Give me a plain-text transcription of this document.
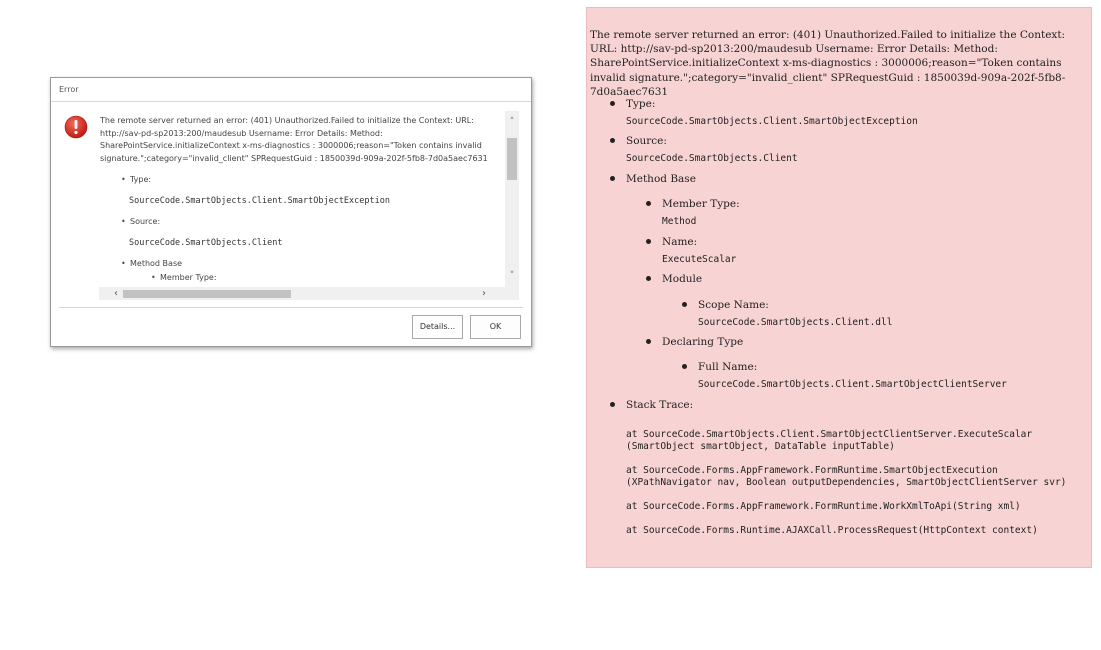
Error
The remote server returned an error: (401) Unauthorized.Failed to initialize the Context: URL: http://sav-pd-sp2013:200/maudesub Username: Error Details: Method: SharePointService.initializeContext x-ms-diagnostics : 3000006;reason="Token contains invalid signature.";category="invalid_client" SPRequestGuid : 1850039d-909a-202f-5fb8-7d0a5aec7631
• Type:
SourceCode.SmartObjects.Client.SmartObjectException
• Source:
SourceCode.SmartObjects.Client
• Method Base
• Member Type:
˄
˅
‹	›
Details...	OK
The remote server returned an error: (401) Unauthorized.Failed to initialize the Context: URL: http://sav-pd-sp2013:200/maudesub Username: Error Details: Method: SharePointService.initializeContext x-ms-diagnostics : 3000006;reason="Token contains invalid signature.";category="invalid_client" SPRequestGuid : 1850039d-909a-202f-5fb8-7d0a5aec7631
Type:
SourceCode.SmartObjects.Client.SmartObjectException
Source:
SourceCode.SmartObjects.Client
Method Base
Member Type:
Method
Name:
ExecuteScalar
Module
Scope Name:
SourceCode.SmartObjects.Client.dll
Declaring Type
Full Name:
SourceCode.SmartObjects.Client.SmartObjectClientServer
Stack Trace:
at SourceCode.SmartObjects.Client.SmartObjectClientServer.ExecuteScalar
(SmartObject smartObject, DataTable inputTable)
at SourceCode.Forms.AppFramework.FormRuntime.SmartObjectExecution
(XPathNavigator nav, Boolean outputDependencies, SmartObjectClientServer svr)
at SourceCode.Forms.AppFramework.FormRuntime.WorkXmlToApi(String xml)
at SourceCode.Forms.Runtime.AJAXCall.ProcessRequest(HttpContext context)
